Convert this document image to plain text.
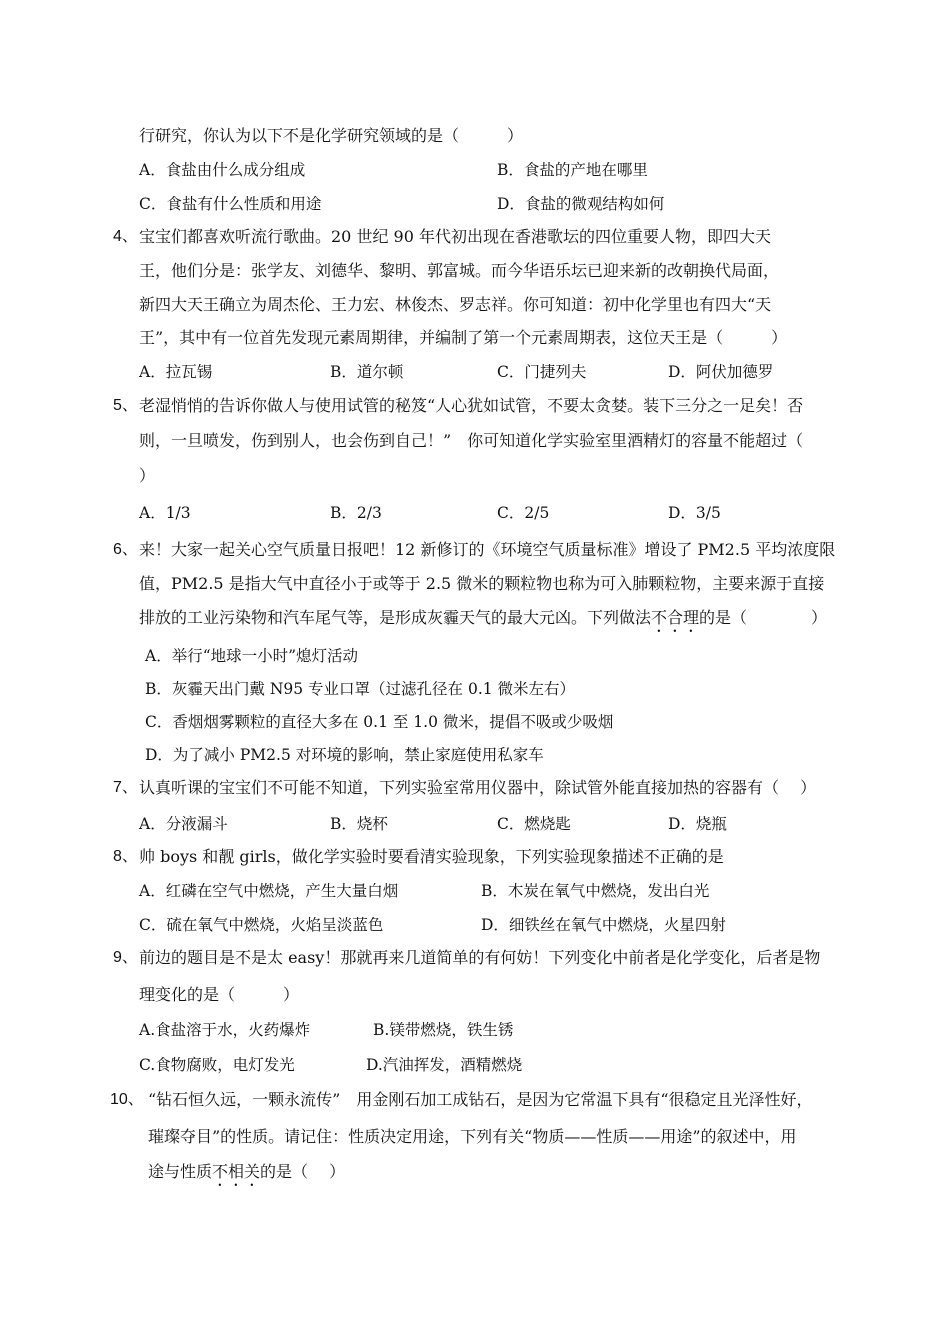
行研究，你认为以下不是化学研究领域的是（　　　）
A．食盐由什么成分组成	B．食盐的产地在哪里
C．食盐有什么性质和用途	D．食盐的微观结构如何
4、 宝宝们都喜欢听流行歌曲。20 世纪 90 年代初出现在香港歌坛的四位重要人物，即四大天
王，他们分是：张学友、刘德华、黎明、郭富城。而今华语乐坛已迎来新的改朝换代局面，
新四大天王确立为周杰伦、王力宏、林俊杰、罗志祥。你可知道：初中化学里也有四大“天
王”，其中有一位首先发现元素周期律，并编制了第一个元素周期表，这位天王是（　　　）
A．拉瓦锡	B．道尔顿	C．门捷列夫	D．阿伏加德罗
5、 老湿悄悄的告诉你做人与使用试管的秘笈“人心犹如试管，不要太贪婪。装下三分之一足矣！否
则，一旦喷发，伤到别人，也会伤到自己！”　你可知道化学实验室里酒精灯的容量不能超过（
）
A．1/3	B．2/3	C．2/5	D．3/5
6、 来！大家一起关心空气质量日报吧！12 新修订的《环境空气质量标准》增设了 PM2.5 平均浓度限
值，PM2.5 是指大气中直径小于或等于 2.5 微米的颗粒物也称为可入肺颗粒物，主要来源于直接
排放的工业污染物和汽车尾气等，是形成灰霾天气的最大元凶。下列做法不合理的是（　　　　）
A．举行“地球一小时”熄灯活动
B．灰霾天出门戴 N95 专业口罩（过滤孔径在 0.1 微米左右）
C．香烟烟雾颗粒的直径大多在 0.1 至 1.0 微米，提倡不吸或少吸烟
D．为了减小 PM2.5 对环境的影响，禁止家庭使用私家车
7、 认真听课的宝宝们不可能不知道，下列实验室常用仪器中，除试管外能直接加热的容器有（　 ）
A．分液漏斗	B．烧杯	C．燃烧匙	D．烧瓶
8、 帅 boys 和靓 girls，做化学实验时要看清实验现象，下列实验现象描述不正确的是
A．红磷在空气中燃烧，产生大量白烟	B．木炭在氧气中燃烧，发出白光
C．硫在氧气中燃烧，火焰呈淡蓝色	D．细铁丝在氧气中燃烧，火星四射
9、 前边的题目是不是太 easy！那就再来几道简单的有何妨！下列变化中前者是化学变化，后者是物
理变化的是（　　　）
A.食盐溶于水，火药爆炸	B.镁带燃烧，铁生锈
C.食物腐败，电灯发光	D.汽油挥发，酒精燃烧
10、 “钻石恒久远，一颗永流传”　用金刚石加工成钻石，是因为它常温下具有“很稳定且光泽性好，
璀璨夺目”的性质。请记住：性质决定用途，下列有关“物质——性质——用途”的叙述中，用
途与性质不相关的是（　 ）
